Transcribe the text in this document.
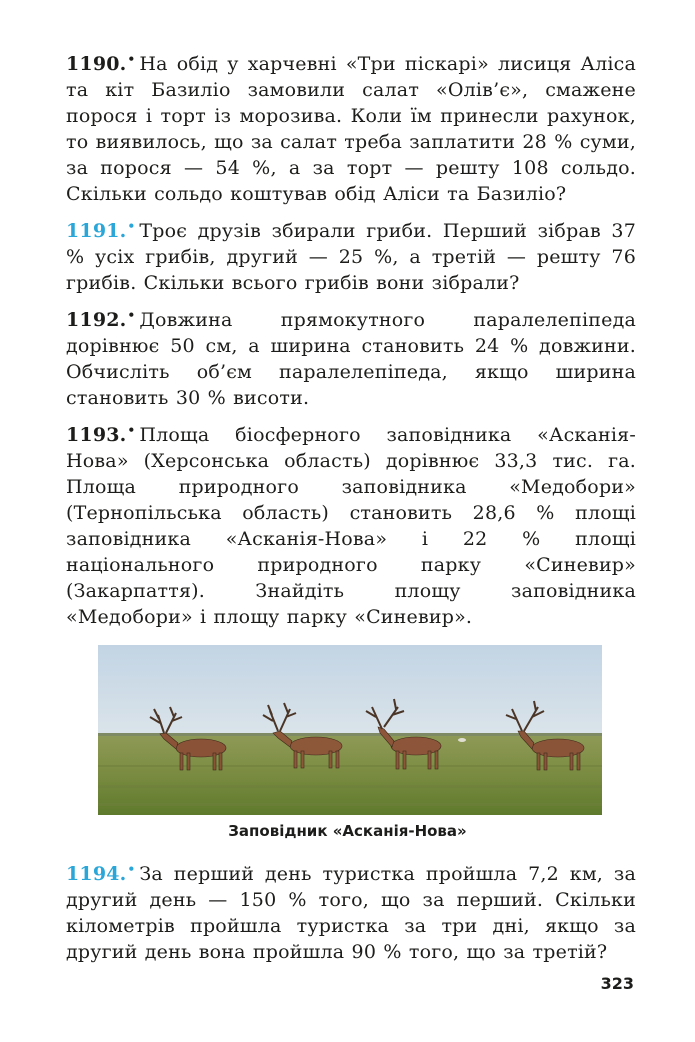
1190.• На обід у харчевні «Три піскарі» лисиця Аліса та кіт Базиліо замовили салат «Олів’є», смажене порося і торт із морозива. Коли їм принесли рахунок, то виявилось, що за салат треба заплатити 28 % суми, за порося — 54 %, а за торт — решту 108 сольдо. Скільки сольдо коштував обід Аліси та Базиліо?

1191.• Троє друзів збирали гриби. Перший зібрав 37 % усіх грибів, другий — 25 %, а третій — решту 76 грибів. Скільки всього грибів вони зібрали?

1192.• Довжина прямокутного паралелепіпеда дорівнює 50 см, а ширина становить 24 % довжини. Обчисліть об’єм паралелепіпеда, якщо ширина становить 30 % висоти.

1193.• Площа біосферного заповідника «Асканія-Нова» (Херсонська область) дорівнює 33,3 тис. га. Площа природного заповідника «Медобори» (Тернопільська область) становить 28,6 % площі заповідника «Асканія-Нова» і 22 % площі національного природного парку «Синевир» (Закарпаття). Знайдіть площу заповідника «Медобори» і площу парку «Синевир».

Заповідник «Асканія-Нова»

1194.• За перший день туристка пройшла 7,2 км, за другий день — 150 % того, що за перший. Скільки кілометрів пройшла туристка за три дні, якщо за другий день вона пройшла 90 % того, що за третій?

323
